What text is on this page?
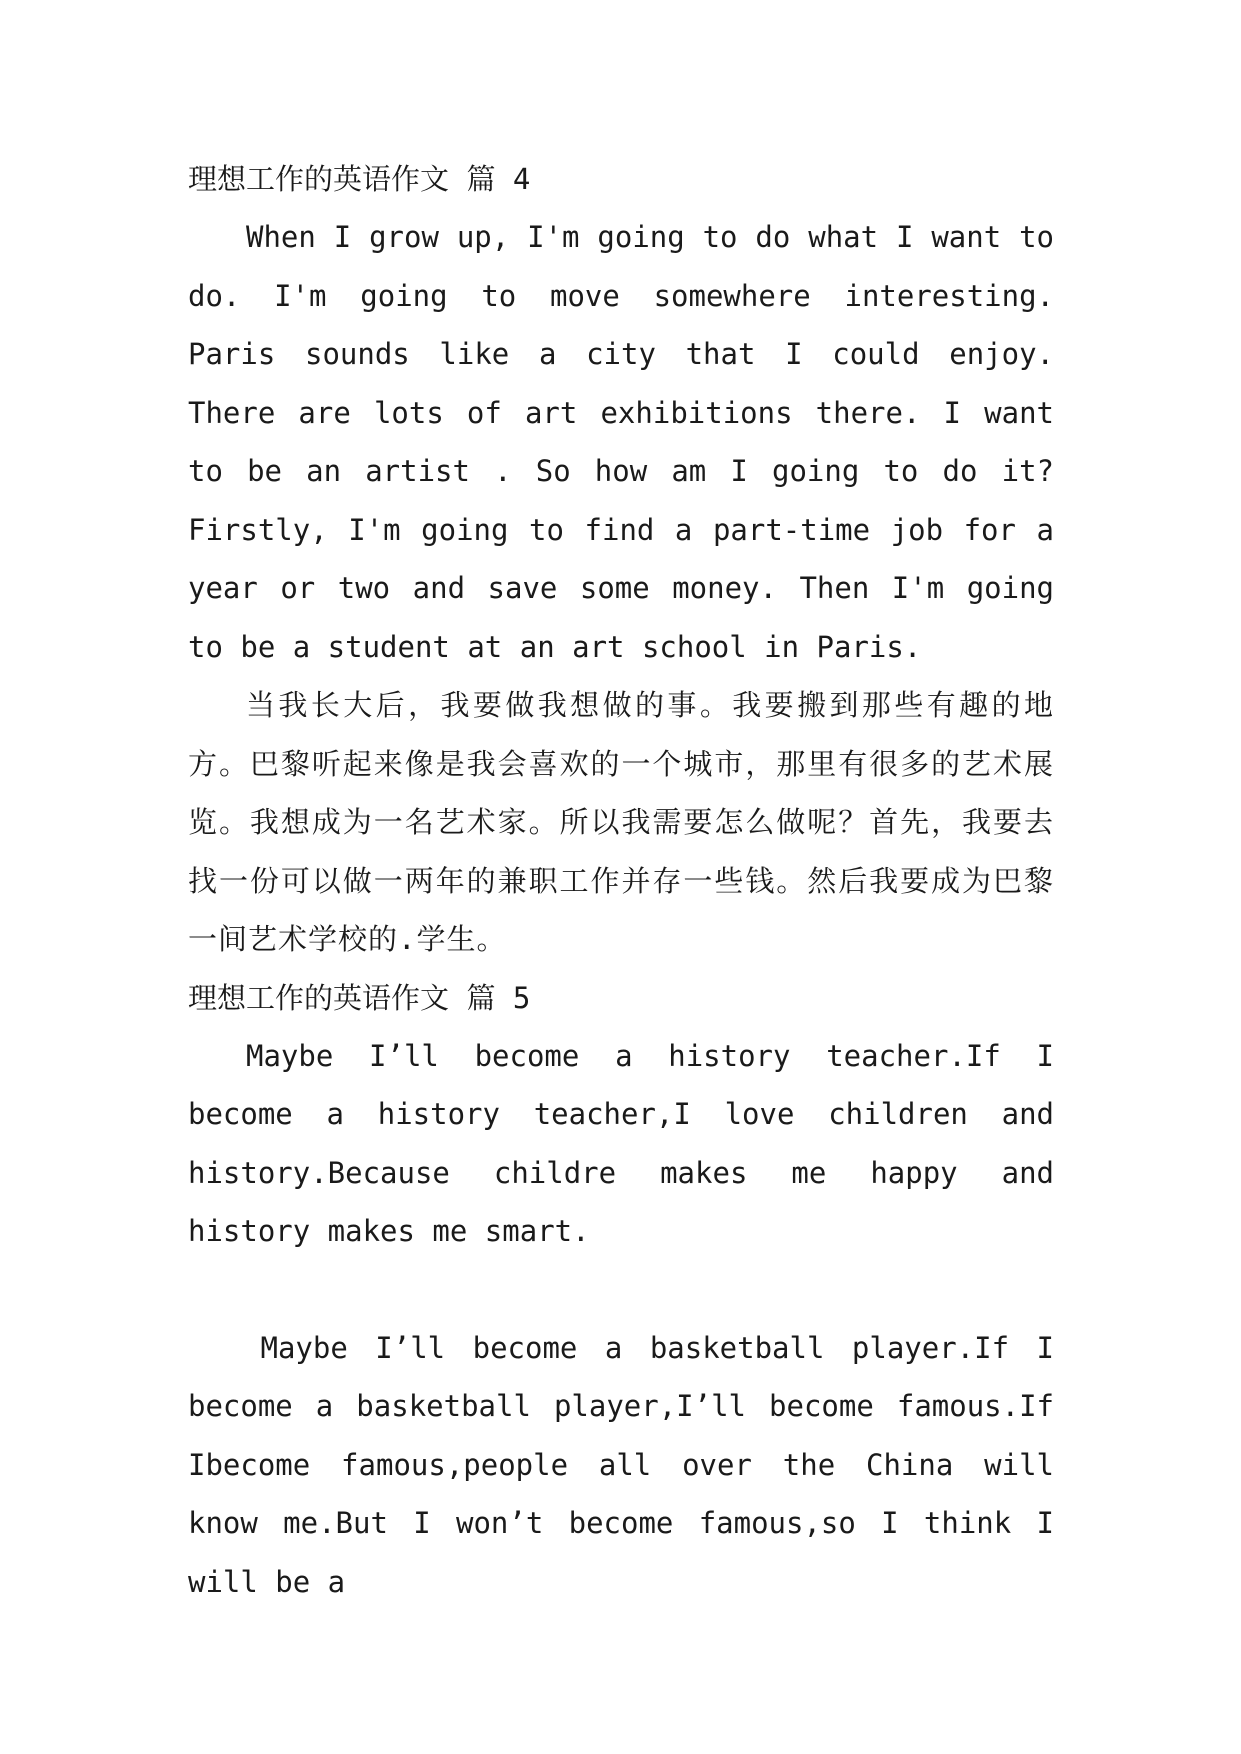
理想工作的英语作文 篇 4

When I grow up, I'm going to do what I want to do. I'm going to move somewhere interesting. Paris sounds like a city that I could enjoy. There are lots of art exhibitions there. I want to be an artist . So how am I going to do it? Firstly, I'm going to find a part-time job for a year or two and save some money. Then I'm going to be a student at an art school in Paris.

当我长大后，我要做我想做的事。我要搬到那些有趣的地方。巴黎听起来像是我会喜欢的一个城市，那里有很多的艺术展览。我想成为一名艺术家。所以我需要怎么做呢？首先，我要去找一份可以做一两年的兼职工作并存一些钱。然后我要成为巴黎一间艺术学校的.学生。

理想工作的英语作文 篇 5

Maybe I’ll become a history teacher.If I become a history teacher,I love children and history.Because childre makes me happy and history makes me smart.

Maybe I’ll become a basketball player.If I become a basketball player,I’ll become famous.If Ibecome famous,people all over the China will know me.But I won’t become famous,so I think I will be a
